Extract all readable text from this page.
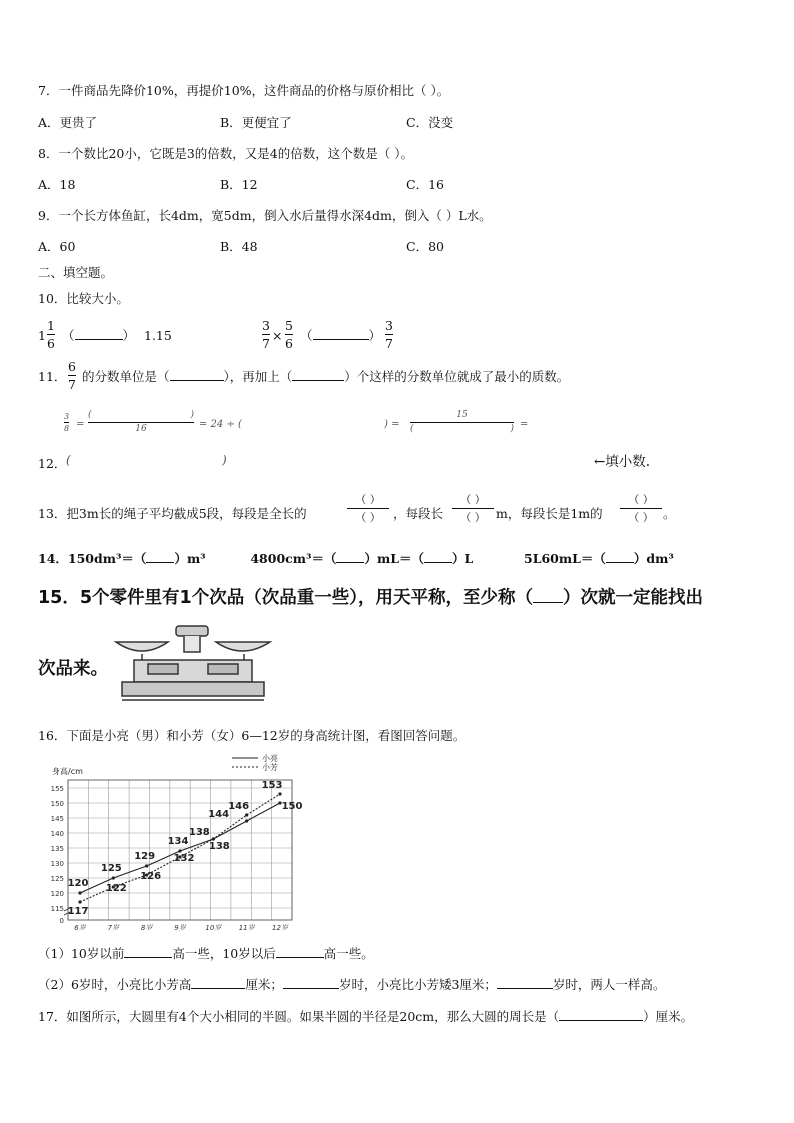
7．一件商品先降价10%，再提价10%，这件商品的价格与原价相比（ ）。
A．更贵了	B．更便宜了	C．没变
8．一个数比20小，它既是3的倍数，又是4的倍数，这个数是（ ）。
A．18	B．12	C．16
9．一个长方体鱼缸，长4dm，宽5dm，倒入水后量得水深4dm，倒入（ ）L水。
A．60	B．48	C．80
二、填空题。
10．比较大小。
1
1
6
（	） 1.15
3
7
×
5
6
（	）
3
7
11．
6
7
的分数单位是（	），再加上（	）个这样的分数单位就成了最小的质数。
3
8 =
(	)
16	= 24 ÷ (	) =
15
(	) =
12． (	)	←填小数.
13．把3m长的绳子平均截成5段，每段是全长的
（ ）
（ ） ，每段长
（ ）
（ ） m，每段长是1m的
（ ）
（ ） 。
14．150dm³＝（ ）m³	4800cm³＝（ ）mL＝（ ）L	5L60mL＝（ ）dm³
15．5个零件里有1个次品（次品重一些），用天平称，至少称（ ）次就一定能找出
次品来。
16．下面是小亮（男）和小芳（女）6—12岁的身高统计图，看图回答问题。
0
115
120
125
130
135
140
145
150
155
身高/cm
6岁	7岁	8岁	9岁	10岁 11岁 12岁
小亮
小芳
120
125
129
134
138
144
150
117
122
126
132
138
146
153
（1）10岁以前	高一些，10岁以后	高一些。
（2）6岁时，小亮比小芳高	厘米；	岁时，小亮比小芳矮3厘米；	岁时，两人一样高。
17．如图所示，大圆里有4个大小相同的半圆。如果半圆的半径是20cm，那么大圆的周长是（	）厘米。
